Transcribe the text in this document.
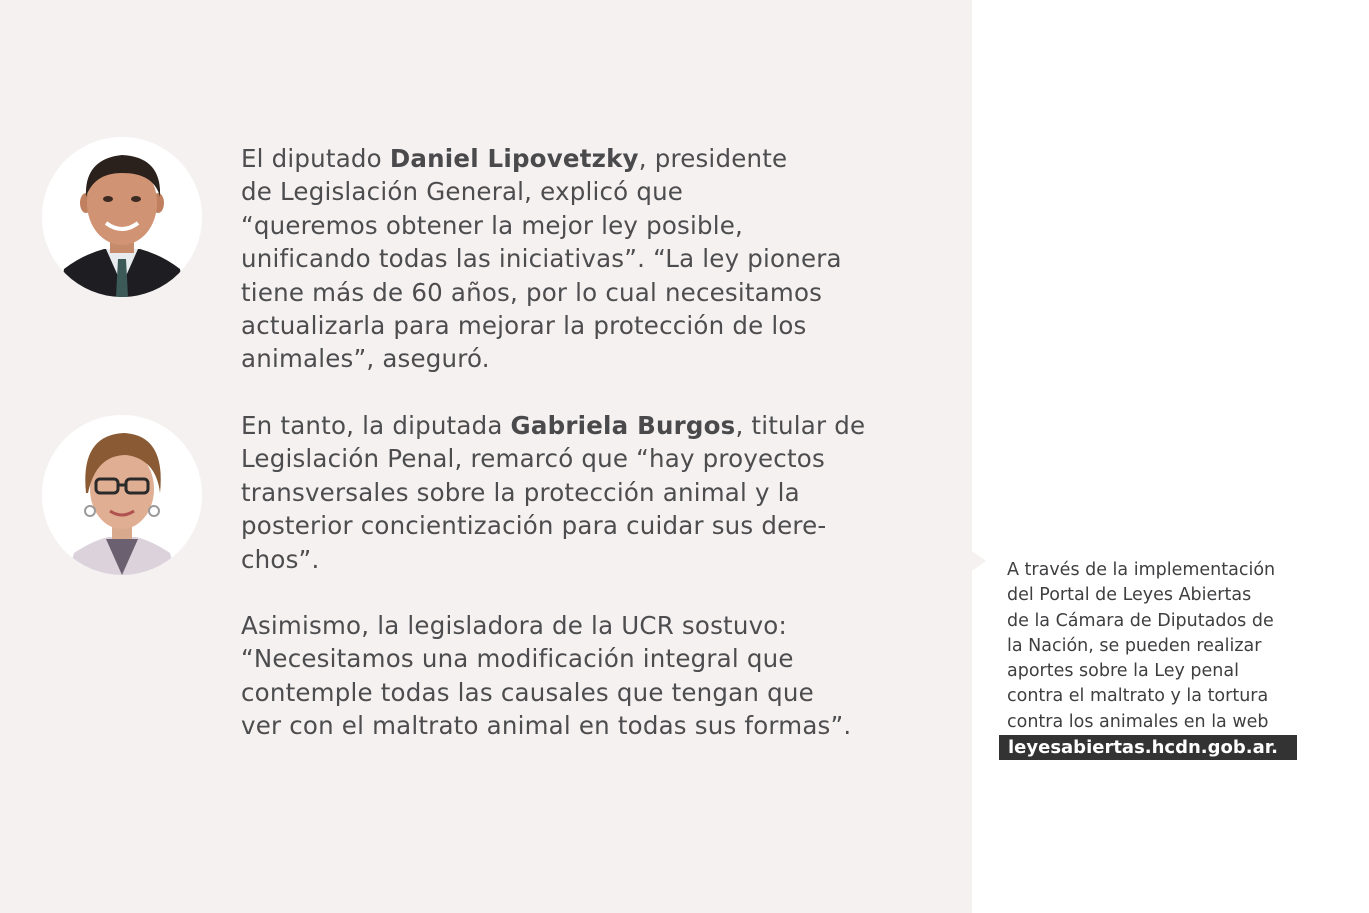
El diputado Daniel Lipovetzky, presidente
de Legislación General, explicó que
“queremos obtener la mejor ley posible,
unificando todas las iniciativas”. “La ley pionera
tiene más de 60 años, por lo cual necesitamos
actualizarla para mejorar la protección de los
animales”, aseguró.
En tanto, la diputada Gabriela Burgos, titular de
Legislación Penal, remarcó que “hay proyectos
transversales sobre la protección animal y la
posterior concientización para cuidar sus dere-
chos”.
Asimismo, la legisladora de la UCR sostuvo:
“Necesitamos una modificación integral que
contemple todas las causales que tengan que
ver con el maltrato animal en todas sus formas”.
A través de la implementación
del Portal de Leyes Abiertas
de la Cámara de Diputados de
la Nación, se pueden realizar
aportes sobre la Ley penal
contra el maltrato y la tortura
contra los animales en la web
leyesabiertas.hcdn.gob.ar.
